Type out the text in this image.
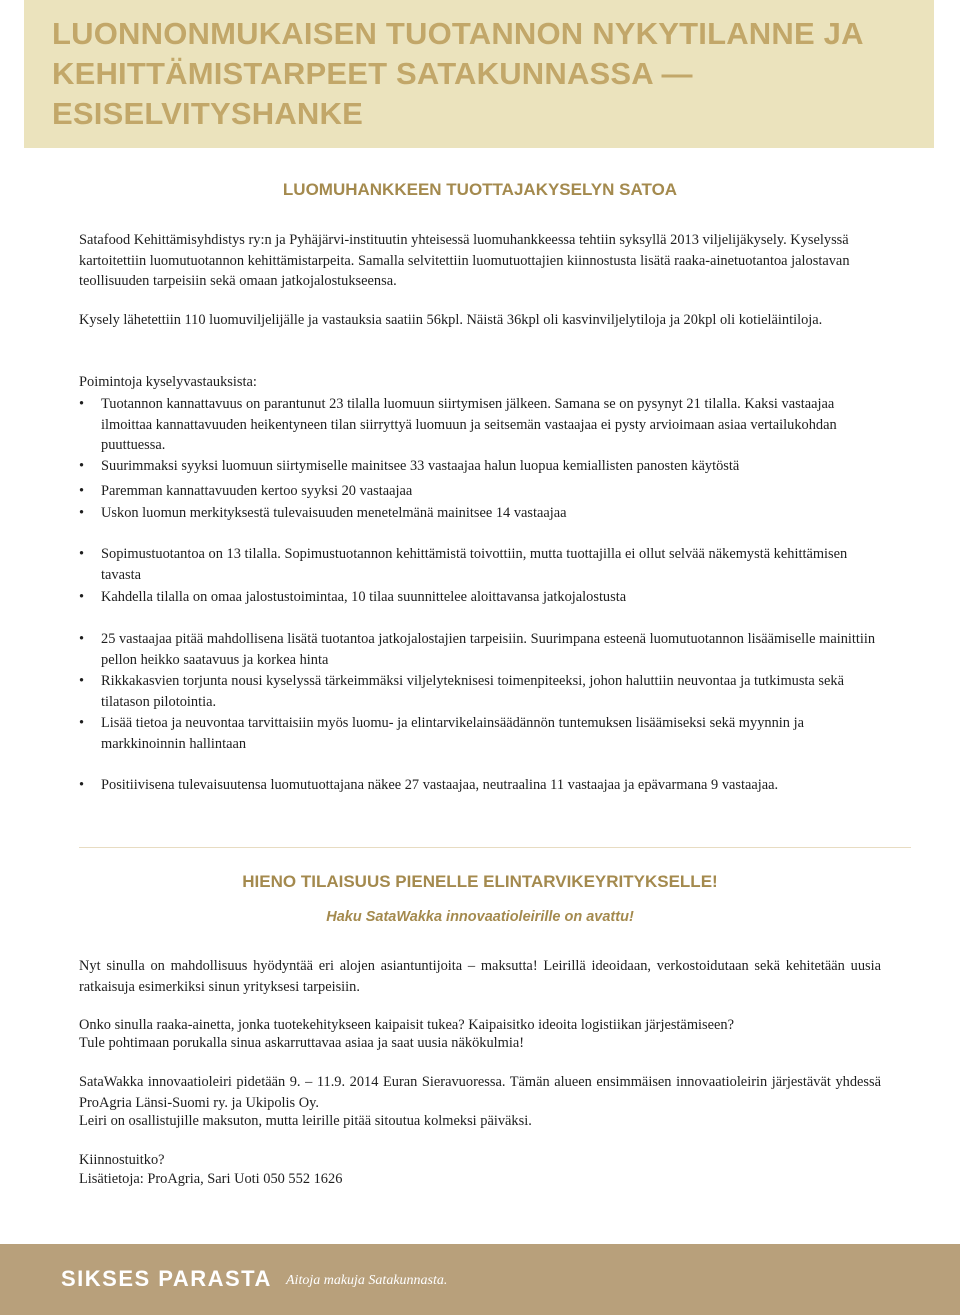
LUONNONMUKAISEN TUOTANNON NYKYTILANNE JA
KEHITTÄMISTARPEET SATAKUNNASSA —
ESISELVITYSHANKE
LUOMUHANKKEEN TUOTTAJAKYSELYN SATOA

Satafood Kehittämisyhdistys ry:n ja Pyhäjärvi-instituutin yhteisessä luomuhankkeessa tehtiin syksyllä 2013 viljelijäkysely. Kyselyssä kartoitettiin luomutuotannon kehittämistarpeita. Samalla selvitettiin luomutuottajien kiinnostusta lisätä raaka-ainetuotantoa jalostavan teollisuuden tarpeisiin sekä omaan jatkojalostukseensa.

Kysely lähetettiin 110 luomuviljelijälle ja vastauksia saatiin 56kpl. Näistä 36kpl oli kasvinviljelytiloja ja 20kpl oli kotieläintiloja.

Poimintoja kyselyvastauksista:

•	Tuotannon kannattavuus on parantunut 23 tilalla luomuun siirtymisen jälkeen. Samana se on pysynyt 21 tilalla. Kaksi vastaajaa ilmoittaa kannattavuuden heikentyneen tilan siirryttyä luomuun ja seitsemän vastaajaa ei pysty arvioimaan asiaa vertailukohdan puuttuessa.
•	Suurimmaksi syyksi luomuun siirtymiselle mainitsee 33 vastaajaa halun luopua kemiallisten panosten käytöstä
•	Paremman kannattavuuden kertoo syyksi 20 vastaajaa
•	Uskon luomun merkityksestä tulevaisuuden menetelmänä mainitsee 14 vastaajaa
•	Sopimustuotantoa on 13 tilalla. Sopimustuotannon kehittämistä toivottiin, mutta tuottajilla ei ollut selvää näkemystä kehittämisen tavasta
•	Kahdella tilalla on omaa jalostustoimintaa, 10 tilaa suunnittelee aloittavansa jatkojalostusta
•	25 vastaajaa pitää mahdollisena lisätä tuotantoa jatkojalostajien tarpeisiin. Suurimpana esteenä luomutuotannon lisäämiselle mainittiin pellon heikko saatavuus ja korkea hinta
•	Rikkakasvien torjunta nousi kyselyssä tärkeimmäksi viljelyteknisesi toimenpiteeksi, johon haluttiin neuvontaa ja tutkimusta sekä tilatason pilotointia.
•	Lisää tietoa ja neuvontaa tarvittaisiin myös luomu- ja elintarvikelainsäädännön tuntemuksen lisäämiseksi sekä myynnin ja markkinoinnin hallintaan
•	Positiivisena tulevaisuutensa luomutuottajana näkee 27 vastaajaa, neutraalina 11 vastaajaa ja epävarmana 9 vastaajaa.
HIENO TILAISUUS PIENELLE ELINTARVIKEYRITYKSELLE!
Haku SataWakka innovaatioleirille on avattu!

Nyt sinulla on mahdollisuus hyödyntää eri alojen asiantuntijoita – maksutta! Leirillä ideoidaan, verkostoidutaan sekä kehitetään uusia ratkaisuja esimerkiksi sinun yrityksesi tarpeisiin.

Onko sinulla raaka-ainetta, jonka tuotekehitykseen kaipaisit tukea? Kaipaisitko ideoita logistiikan järjestämiseen?

Tule pohtimaan porukalla sinua askarruttavaa asiaa ja saat uusia näkökulmia!

SataWakka innovaatioleiri pidetään 9. – 11.9. 2014 Euran Sieravuoressa. Tämän alueen ensimmäisen innovaatioleirin järjestävät yhdessä ProAgria Länsi-Suomi ry. ja Ukipolis Oy.

Leiri on osallistujille maksuton, mutta leirille pitää sitoutua kolmeksi päiväksi.

Kiinnostuitko?

Lisätietoja: ProAgria, Sari Uoti 050 552 1626

SIKSES PARASTA Aitoja makuja Satakunnasta.
